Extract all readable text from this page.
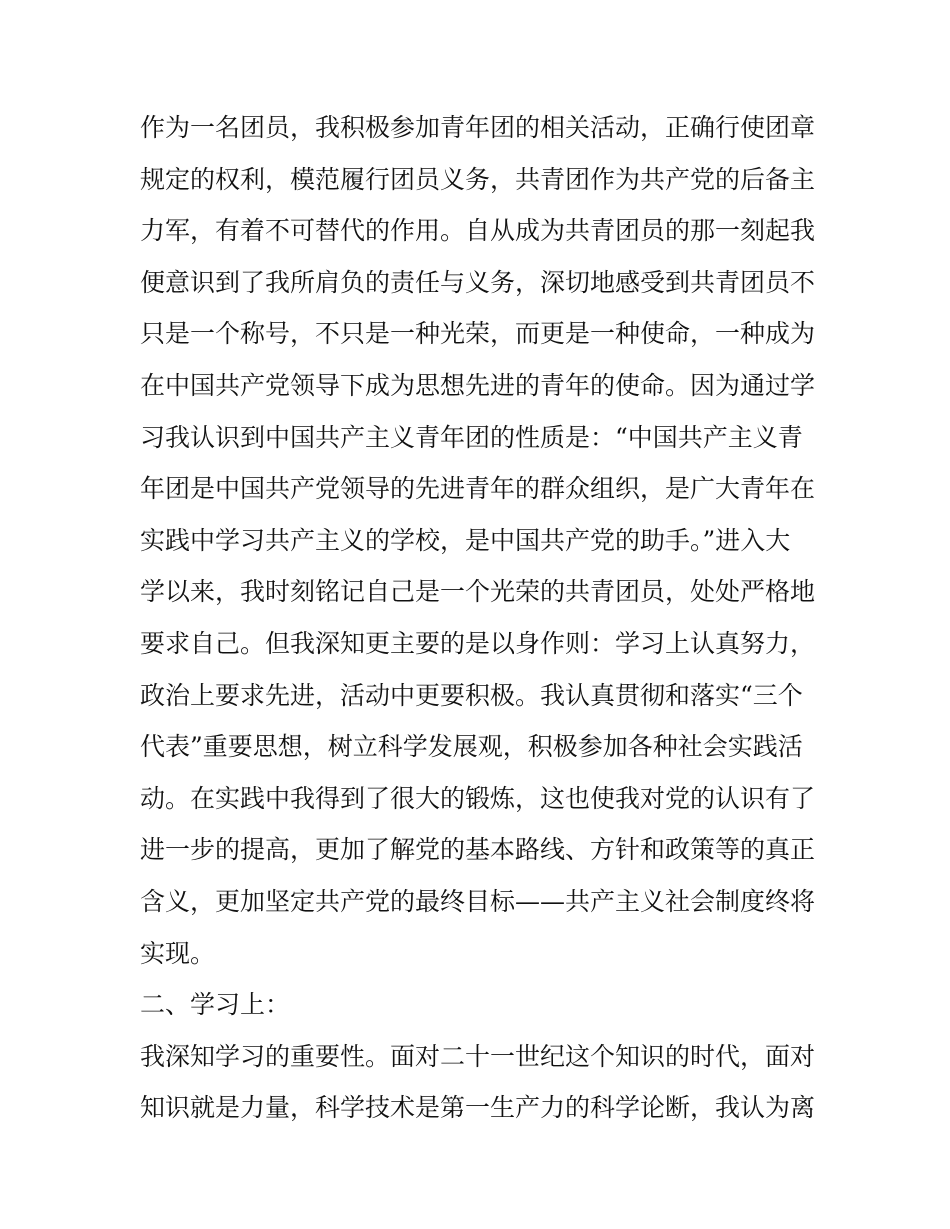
作为一名团员，我积极参加青年团的相关活动，正确行使团章
规定的权利，模范履行团员义务，共青团作为共产党的后备主
力军，有着不可替代的作用。自从成为共青团员的那一刻起我
便意识到了我所肩负的责任与义务，深切地感受到共青团员不
只是一个称号，不只是一种光荣，而更是一种使命，一种成为
在中国共产党领导下成为思想先进的青年的使命。因为通过学
习我认识到中国共产主义青年团的性质是：“中国共产主义青
年团是中国共产党领导的先进青年的群众组织，是广大青年在
实践中学习共产主义的学校，是中国共产党的助手。”进入大
学以来，我时刻铭记自己是一个光荣的共青团员，处处严格地
要求自己。但我深知更主要的是以身作则：学习上认真努力，
政治上要求先进，活动中更要积极。我认真贯彻和落实“三个
代表”重要思想，树立科学发展观，积极参加各种社会实践活
动。在实践中我得到了很大的锻炼，这也使我对党的认识有了
进一步的提高，更加了解党的基本路线、方针和政策等的真正
含义，更加坚定共产党的最终目标——共产主义社会制度终将
实现。
二、学习上：
我深知学习的重要性。面对二十一世纪这个知识的时代，面对
知识就是力量，科学技术是第一生产力的科学论断，我认为离
